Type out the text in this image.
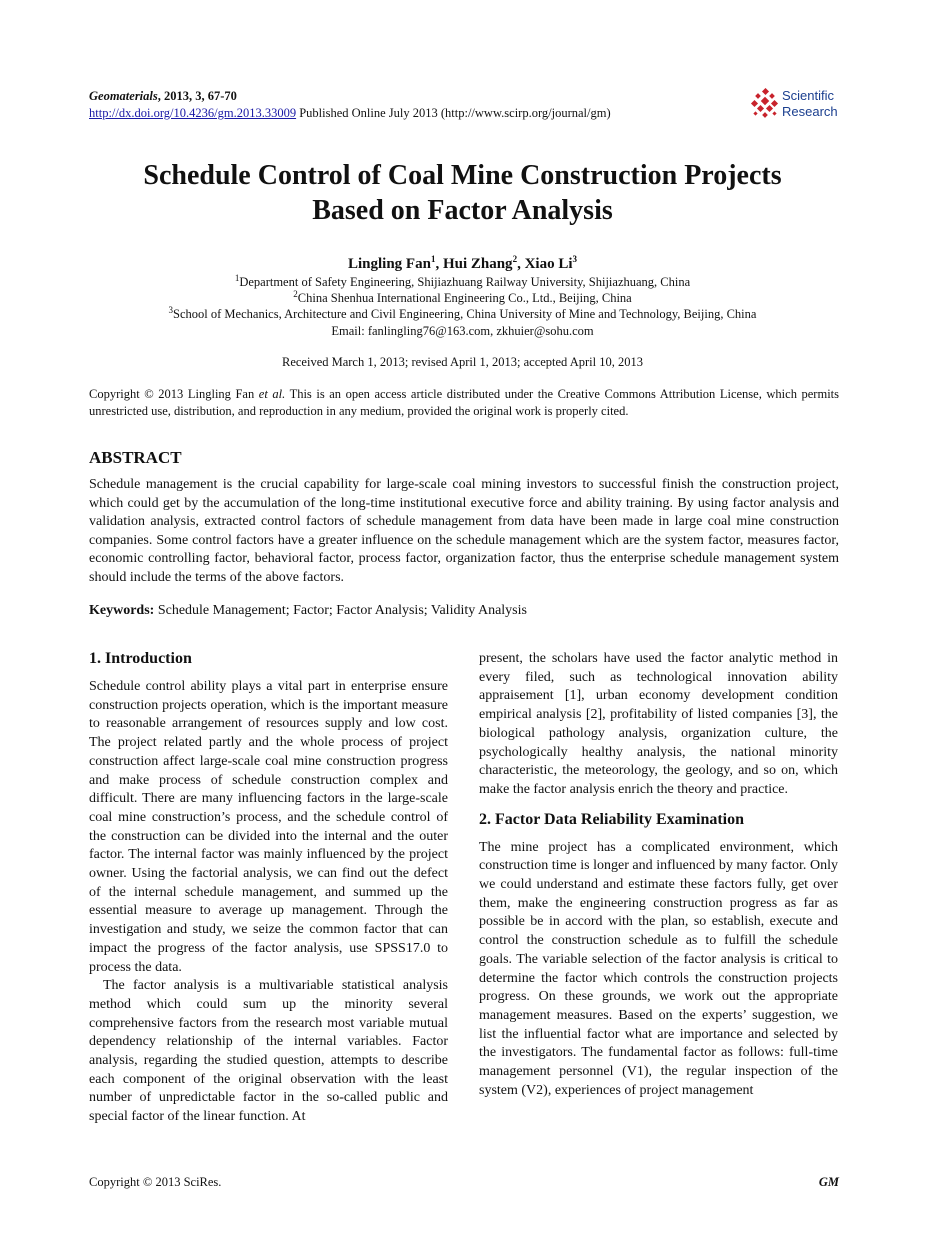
Geomaterials, 2013, 3, 67-70
http://dx.doi.org/10.4236/gm.2013.33009 Published Online July 2013 (http://www.scirp.org/journal/gm)
Scientific
Research
Schedule Control of Coal Mine Construction Projects
Based on Factor Analysis
Lingling Fan$^1$, Hui Zhang$^2$, Xiao Li$^3$
$^1$Department of Safety Engineering, Shijiazhuang Railway University, Shijiazhuang, China
$^2$China Shenhua International Engineering Co., Ltd., Beijing, China
$^3$School of Mechanics, Architecture and Civil Engineering, China University of Mine and Technology, Beijing, China
Email: fanlingling76@163.com, zkhuier@sohu.com
Received March 1, 2013; revised April 1, 2013; accepted April 10, 2013
Copyright © 2013 Lingling Fan et al. This is an open access article distributed under the Creative Commons Attribution License, which permits unrestricted use, distribution, and reproduction in any medium, provided the original work is properly cited.
ABSTRACT
Schedule management is the crucial capability for large-scale coal mining investors to successful finish the construction project, which could get by the accumulation of the long-time institutional executive force and ability training. By using factor analysis and validation analysis, extracted control factors of schedule management from data have been made in large coal mine construction companies. Some control factors have a greater influence on the schedule management which are the system factor, measures factor, economic controlling factor, behavioral factor, process factor, organization factor, thus the enterprise schedule management system should include the terms of the above factors.
Keywords: Schedule Management; Factor; Factor Analysis; Validity Analysis
1. Introduction

Schedule control ability plays a vital part in enterprise ensure construction projects operation, which is the important measure to reasonable arrangement of resources supply and low cost. The project related partly and the whole process of project construction affect large-scale coal mine construction progress and make process of schedule construction complex and difficult. There are many influencing factors in the large-scale coal mine construction’s process, and the schedule control of the construction can be divided into the internal and the outer factor. The internal factor was mainly influenced by the project owner. Using the factorial analysis, we can find out the defect of the internal schedule management, and summed up the essential measure to average up management. Through the investigation and study, we seize the common factor that can impact the progress of the factor analysis, use SPSS17.0 to process the data.

The factor analysis is a multivariable statistical analysis method which could sum up the minority several comprehensive factors from the research most variable mutual dependency relationship of the internal variables. Factor analysis, regarding the studied question, attempts to describe each component of the original observation with the least number of unpredictable factor in the so-called public and special factor of the linear function. At

present, the scholars have used the factor analytic method in every filed, such as technological innovation ability appraisement [1], urban economy development condition empirical analysis [2], profitability of listed companies [3], the biological pathology analysis, organization culture, the psychologically healthy analysis, the national minority characteristic, the meteorology, the geology, and so on, which make the factor analysis enrich the theory and practice.

2. Factor Data Reliability Examination

The mine project has a complicated environment, which construction time is longer and influenced by many factor. Only we could understand and estimate these factors fully, get over them, make the engineering construction progress as far as possible be in accord with the plan, so establish, execute and control the construction schedule as to fulfill the schedule goals. The variable selection of the factor analysis is critical to determine the factor which controls the construction projects progress. On these grounds, we work out the appropriate management measures. Based on the experts’ suggestion, we list the influential factor what are importance and selected by the investigators. The fundamental factor as follows: full-time management personnel (V1), the regular inspection of the system (V2), experiences of project management

Copyright © 2013 SciRes.	GM
